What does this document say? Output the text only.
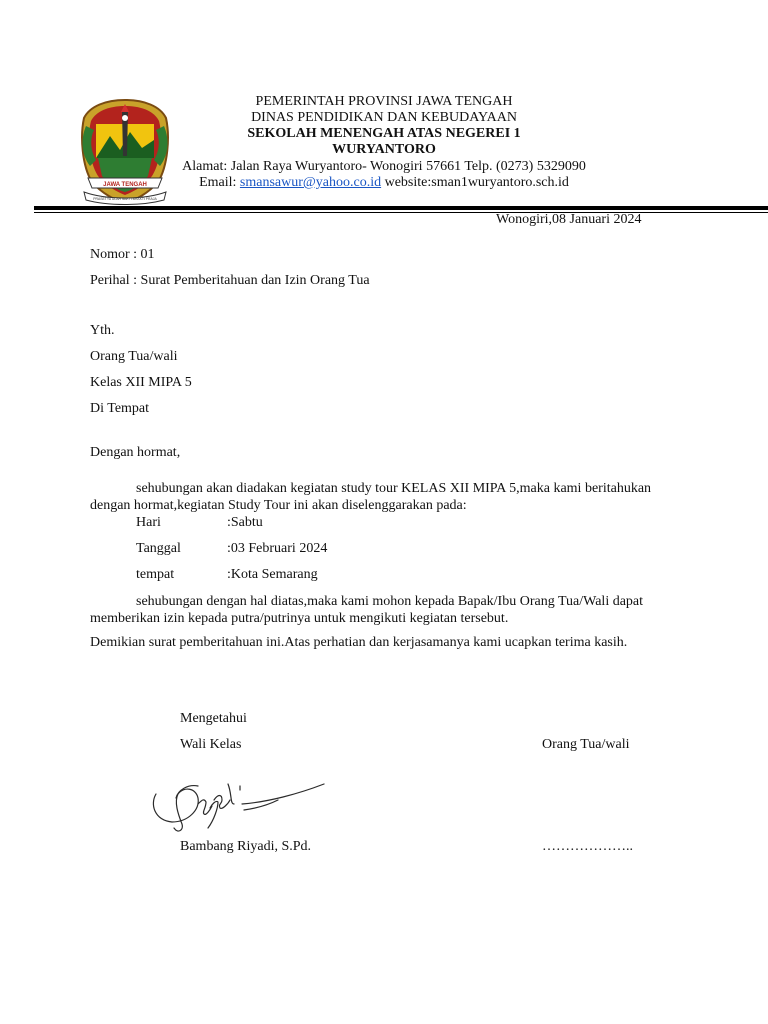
JAWA TENGAH
PRASETYA ULAH SAKTI BHAKTI PRAJA
PEMERINTAH PROVINSI JAWA TENGAH
DINAS PENDIDIKAN DAN KEBUDAYAAN
SEKOLAH MENENGAH ATAS NEGEREI 1
WURYANTORO
Alamat: Jalan Raya Wuryantoro- Wonogiri 57661 Telp. (0273) 5329090
Email: smansawur@yahoo.co.id website:sman1wuryantoro.sch.id
Wonogiri,08 Januari 2024
Nomor : 01
Perihal : Surat Pemberitahuan dan Izin Orang Tua
Yth.
Orang Tua/wali
Kelas XII MIPA 5
Di Tempat
Dengan hormat,
sehubungan akan diadakan kegiatan study tour KELAS XII MIPA 5,maka kami beritahukan dengan hormat,kegiatan Study Tour ini akan diselenggarakan pada:
Hari	:Sabtu
Tanggal	:03 Februari 2024
tempat	:Kota Semarang
sehubungan dengan hal diatas,maka kami mohon kepada Bapak/Ibu Orang Tua/Wali dapat memberikan izin kepada putra/putrinya untuk mengikuti kegiatan tersebut.
Demikian surat pemberitahuan ini.Atas perhatian dan kerjasamanya kami ucapkan terima kasih.
Mengetahui
Wali Kelas	Orang Tua/wali
Bambang Riyadi, S.Pd.	………………..
